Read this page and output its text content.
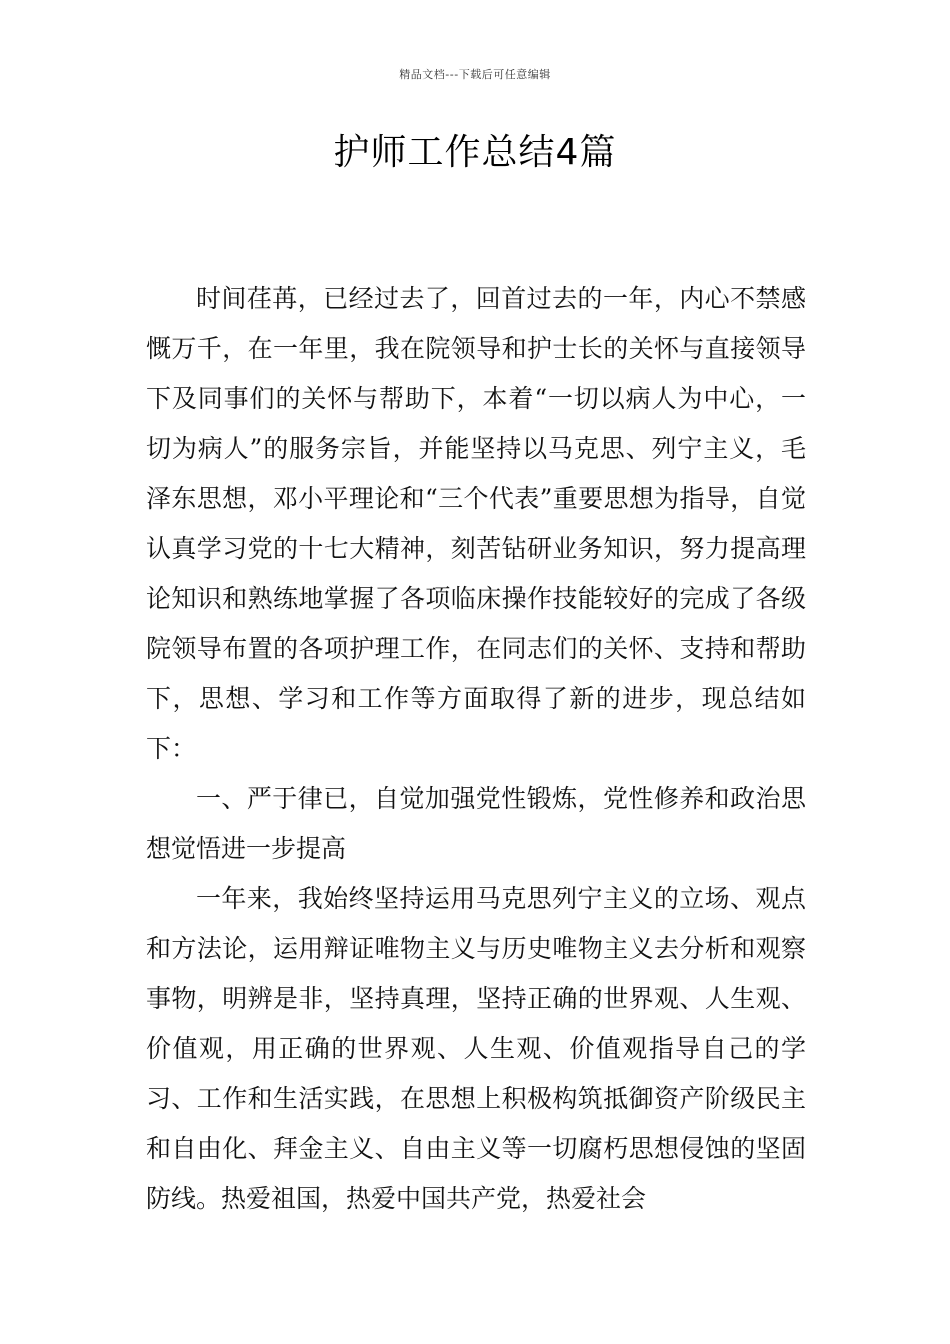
精品文档---下载后可任意编辑
护师工作总结4篇

时间荏苒，已经过去了，回首过去的一年，内心不禁感慨万千，在一年里，我在院领导和护士长的关怀与直接领导下及同事们的关怀与帮助下，本着“一切以病人为中心，一切为病人”的服务宗旨，并能坚持以马克思、列宁主义，毛泽东思想，邓小平理论和“三个代表”重要思想为指导，自觉认真学习党的十七大精神，刻苦钻研业务知识，努力提高理论知识和熟练地掌握了各项临床操作技能较好的完成了各级院领导布置的各项护理工作，在同志们的关怀、支持和帮助下，思想、学习和工作等方面取得了新的进步，现总结如下：

一、严于律已，自觉加强党性锻炼，党性修养和政治思想觉悟进一步提高

一年来，我始终坚持运用马克思列宁主义的立场、观点和方法论，运用辩证唯物主义与历史唯物主义去分析和观察事物，明辨是非，坚持真理，坚持正确的世界观、人生观、价值观，用正确的世界观、人生观、价值观指导自己的学习、工作和生活实践，在思想上积极构筑抵御资产阶级民主和自由化、拜金主义、自由主义等一切腐朽思想侵蚀的坚固防线。热爱祖国，热爱中国共产党，热爱社会
